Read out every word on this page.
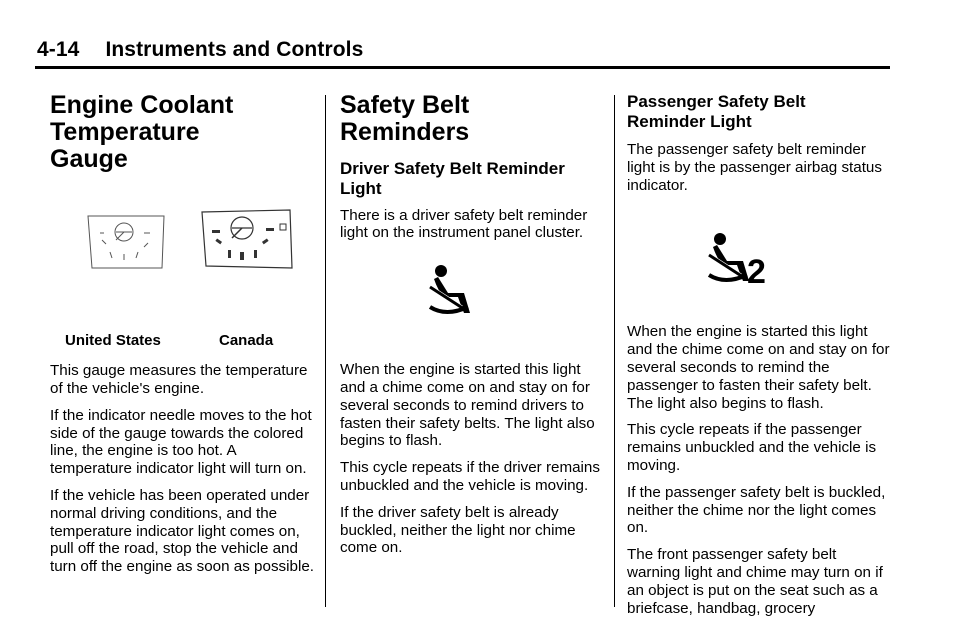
4-14 Instruments and Controls
Engine Coolant Temperature Gauge
United States	Canada

This gauge measures the temperature of the vehicle's engine.

If the indicator needle moves to the hot side of the gauge towards the colored line, the engine is too hot. A temperature indicator light will turn on.

If the vehicle has been operated under normal driving conditions, and the temperature indicator light comes on, pull off the road, stop the vehicle and turn off the engine as soon as possible.

Safety Belt Reminders
Driver Safety Belt Reminder Light

There is a driver safety belt reminder light on the instrument panel cluster.

When the engine is started this light and a chime come on and stay on for several seconds to remind drivers to fasten their safety belts. The light also begins to flash.

This cycle repeats if the driver remains unbuckled and the vehicle is moving.

If the driver safety belt is already buckled, neither the light nor chime come on.

Passenger Safety Belt Reminder Light

The passenger safety belt reminder light is by the passenger airbag status indicator.

2

When the engine is started this light and the chime come on and stay on for several seconds to remind the passenger to fasten their safety belt. The light also begins to flash.

This cycle repeats if the passenger remains unbuckled and the vehicle is moving.

If the passenger safety belt is buckled, neither the chime nor the light comes on.

The front passenger safety belt warning light and chime may turn on if an object is put on the seat such as a briefcase, handbag, grocery
